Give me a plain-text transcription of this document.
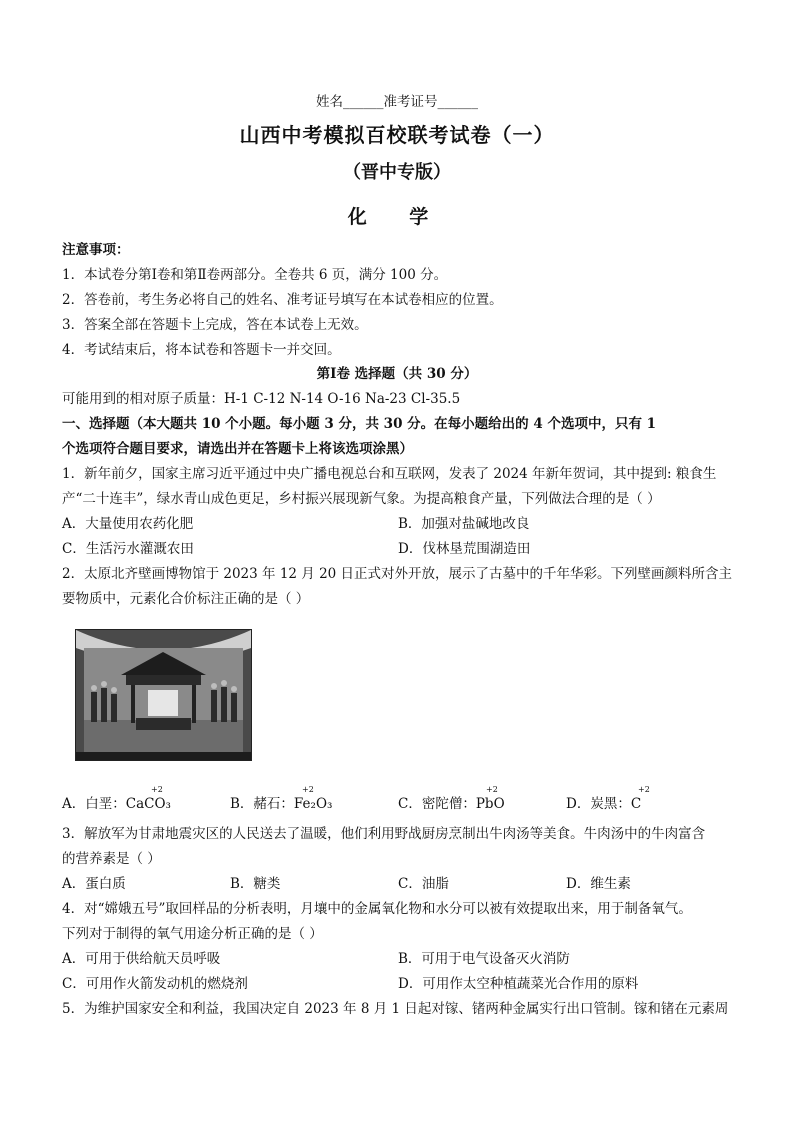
姓名______准考证号______
山西中考模拟百校联考试卷（一）
（晋中专版）
化 学
注意事项：
1．本试卷分第Ⅰ卷和第Ⅱ卷两部分。全卷共 6 页，满分 100 分。
2．答卷前，考生务必将自己的姓名、准考证号填写在本试卷相应的位置。
3．答案全部在答题卡上完成，答在本试卷上无效。
4．考试结束后，将本试卷和答题卡一并交回。
第Ⅰ卷 选择题（共 30 分）
可能用到的相对原子质量：H-1 C-12 N-14 O-16 Na-23 Cl-35.5
一、选择题（本大题共 10 个小题。每小题 3 分，共 30 分。在每小题给出的 4 个选项中，只有 1
个选项符合题目要求，请选出并在答题卡上将该选项涂黑）
1．新年前夕，国家主席习近平通过中央广播电视总台和互联网，发表了 2024 年新年贺词，其中提到: 粮食生
产“二十连丰”，绿水青山成色更足，乡村振兴展现新气象。为提高粮食产量，下列做法合理的是（ ）
A．大量使用农药化肥	B．加强对盐碱地改良
C．生活污水灌溉农田	D．伐林垦荒围湖造田
2．太原北齐壁画博物馆于 2023 年 12 月 20 日正式对外开放，展示了古墓中的千年华彩。下列壁画颜料所含主
要物质中，元素化合价标注正确的是（ ）
A．白垩：CaCO₃
+2
B．赭石：Fe₂O₃
+2
C．密陀僧：PbO
+2
D．炭黑：C
+2
3．解放军为甘肃地震灾区的人民送去了温暖，他们利用野战厨房烹制出牛肉汤等美食。牛肉汤中的牛肉富含
的营养素是（ ）
A．蛋白质	B．糖类	C．油脂	D．维生素
4．对“嫦娥五号”取回样品的分析表明，月壤中的金属氧化物和水分可以被有效提取出来，用于制备氧气。
下列对于制得的氧气用途分析正确的是（ ）
A．可用于供给航天员呼吸	B．可用于电气设备灭火消防
C．可用作火箭发动机的燃烧剂	D．可用作太空种植蔬菜光合作用的原料
5．为维护国家安全和利益，我国决定自 2023 年 8 月 1 日起对镓、锗两种金属实行出口管制。镓和锗在元素周
